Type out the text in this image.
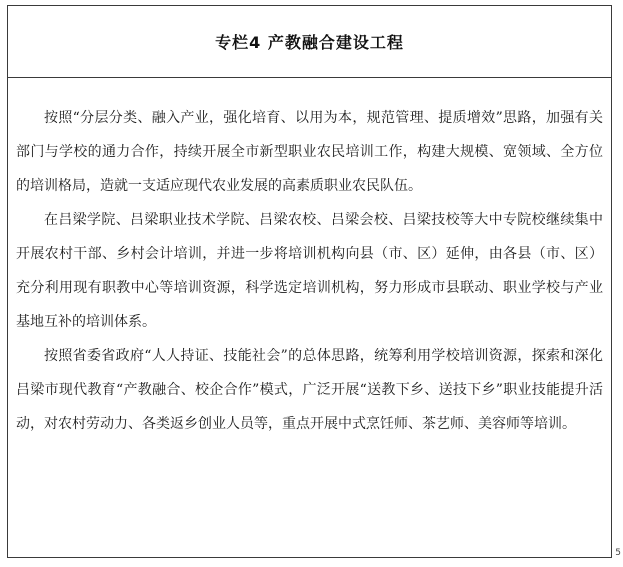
专栏4 产教融合建设工程

按照“分层分类、融入产业，强化培育、以用为本，规范管理、提质增效”思路，加强有关部门与学校的通力合作，持续开展全市新型职业农民培训工作，构建大规模、宽领域、全方位的培训格局，造就一支适应现代农业发展的高素质职业农民队伍。

在吕梁学院、吕梁职业技术学院、吕梁农校、吕梁会校、吕梁技校等大中专院校继续集中开展农村干部、乡村会计培训，并进一步将培训机构向县（市、区）延伸，由各县（市、区）充分利用现有职教中心等培训资源，科学选定培训机构，努力形成市县联动、职业学校与产业基地互补的培训体系。

按照省委省政府“人人持证、技能社会”的总体思路，统筹利用学校培训资源，探索和深化吕梁市现代教育“产教融合、校企合作”模式，广泛开展“送教下乡、送技下乡”职业技能提升活动，对农村劳动力、各类返乡创业人员等，重点开展中式烹饪师、茶艺师、美容师等培训。

5
